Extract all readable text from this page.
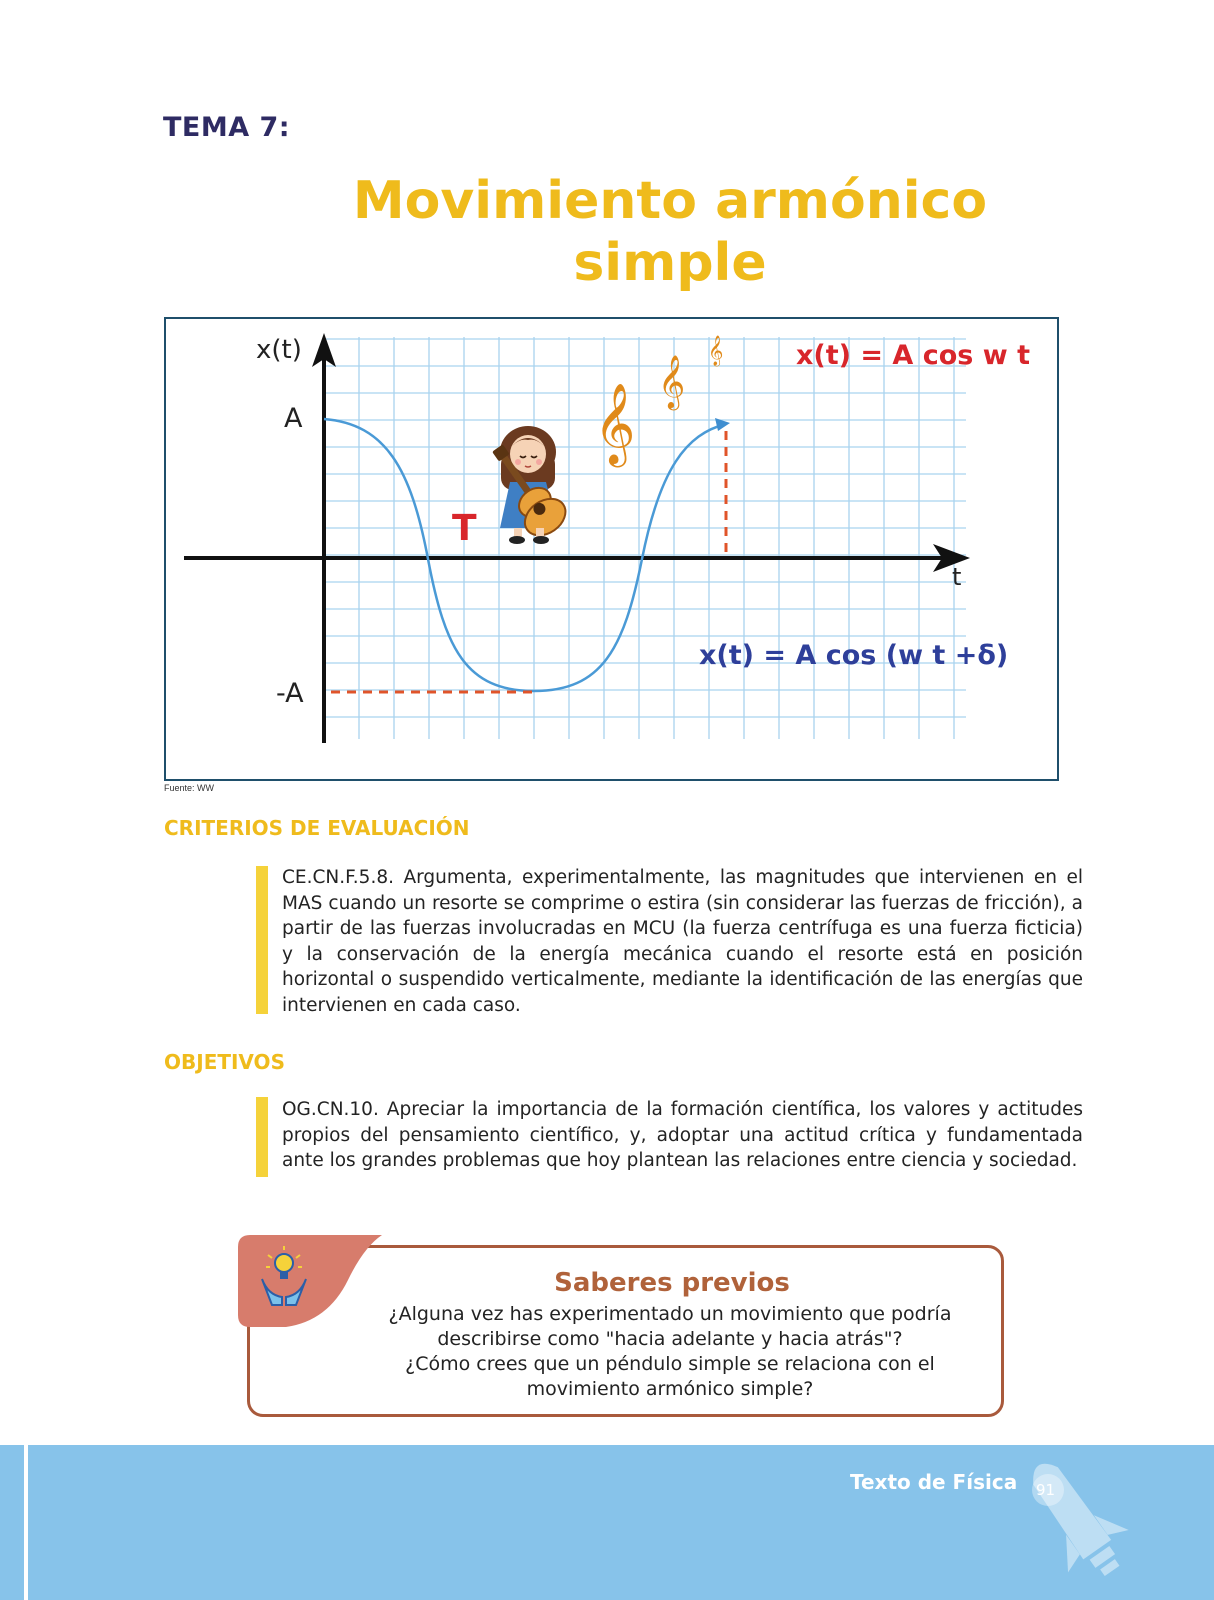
TEMA 7:
Movimiento armónico
simple
x(t)
A
-A
t
T
x(t) = A cos w t
x(t) = A cos (w t +δ)
𝄞
𝄞
𝄞
Fuente: WW
CRITERIOS DE EVALUACIÓN
CE.CN.F.5.8. Argumenta, experimentalmente, las magnitudes que intervienen en el MAS cuando un resorte se comprime o estira (sin considerar las fuerzas de fricción), a partir de las fuerzas involucradas en MCU (la fuerza centrífuga es una fuerza ficticia) y la conservación de la energía mecánica cuando el resorte está en posición horizontal o suspendido verticalmente, mediante la identificación de las energías que intervienen en cada caso.
OBJETIVOS
OG.CN.10. Apreciar la importancia de la formación científica, los valores y actitudes propios del pensamiento científico, y, adoptar una actitud crítica y fundamentada ante los grandes problemas que hoy plantean las relaciones entre ciencia y sociedad.
Saberes previos
¿Alguna vez has experimentado un movimiento que podría
describirse como "hacia adelante y hacia atrás"?
¿Cómo crees que un péndulo simple se relaciona con el
movimiento armónico simple?
Texto de Física 91
